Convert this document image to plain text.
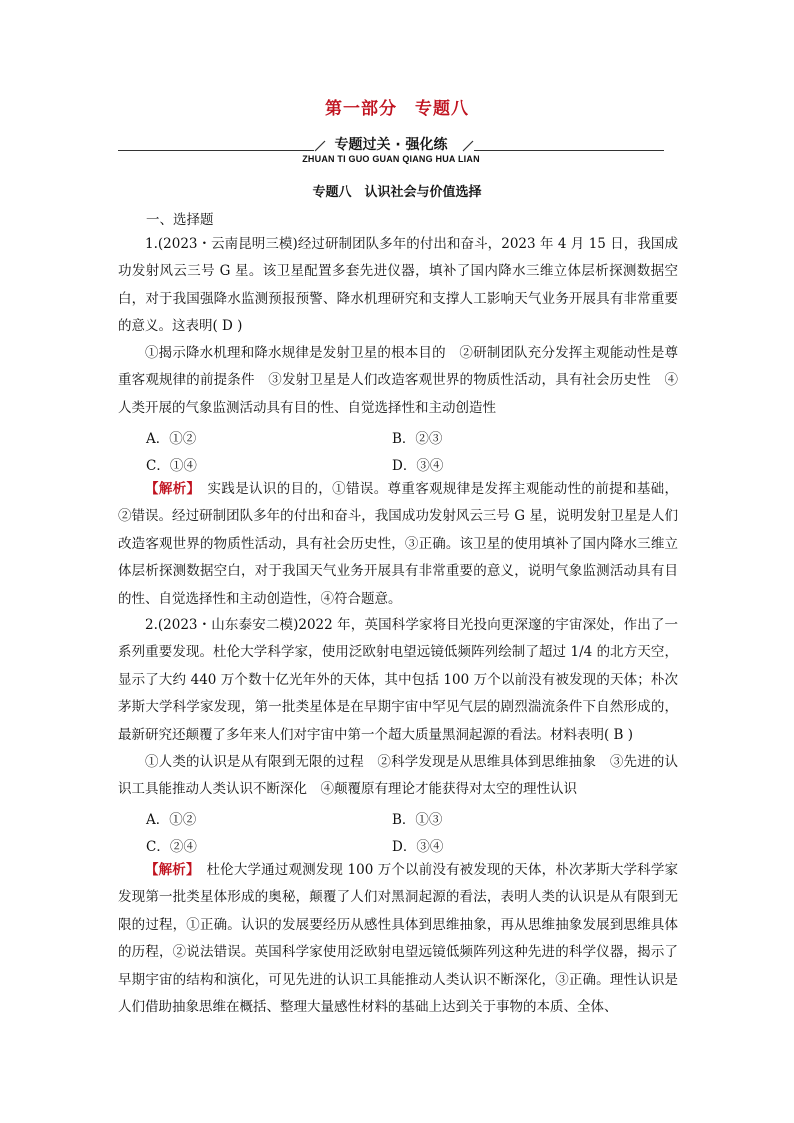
第一部分　专题八
专题过关 · 强化练
ZHUAN TI GUO GUAN QIANG HUA LIAN
专题八　认识社会与价值选择
一、选择题
1.(2023・云南昆明三模)经过研制团队多年的付出和奋斗，2023 年 4 月 15 日，我国成功发射风云三号 G 星。该卫星配置多套先进仪器，填补了国内降水三维立体层析探测数据空白，对于我国强降水监测预报预警、降水机理研究和支撑人工影响天气业务开展具有非常重要的意义。这表明( D )
①揭示降水机理和降水规律是发射卫星的根本目的　②研制团队充分发挥主观能动性是尊重客观规律的前提条件　③发射卫星是人们改造客观世界的物质性活动，具有社会历史性　④人类开展的气象监测活动具有目的性、自觉选择性和主动创造性
A．①②	B．②③
C．①④	D．③④
【解析】　实践是认识的目的，①错误。尊重客观规律是发挥主观能动性的前提和基础，②错误。经过研制团队多年的付出和奋斗，我国成功发射风云三号 G 星，说明发射卫星是人们改造客观世界的物质性活动，具有社会历史性，③正确。该卫星的使用填补了国内降水三维立体层析探测数据空白，对于我国天气业务开展具有非常重要的意义，说明气象监测活动具有目的性、自觉选择性和主动创造性，④符合题意。
2.(2023・山东泰安二模)2022 年，英国科学家将目光投向更深邃的宇宙深处，作出了一系列重要发现。杜伦大学科学家，使用泛欧射电望远镜低频阵列绘制了超过 1/4 的北方天空，显示了大约 440 万个数十亿光年外的天体，其中包括 100 万个以前没有被发现的天体；朴次茅斯大学科学家发现，第一批类星体是在早期宇宙中罕见气层的剧烈湍流条件下自然形成的，最新研究还颠覆了多年来人们对宇宙中第一个超大质量黑洞起源的看法。材料表明( B )
①人类的认识是从有限到无限的过程　②科学发现是从思维具体到思维抽象　③先进的认识工具能推动人类认识不断深化　④颠覆原有理论才能获得对太空的理性认识
A．①②	B．①③
C．②④	D．③④
【解析】　杜伦大学通过观测发现 100 万个以前没有被发现的天体，朴次茅斯大学科学家发现第一批类星体形成的奥秘，颠覆了人们对黑洞起源的看法，表明人类的认识是从有限到无限的过程，①正确。认识的发展要经历从感性具体到思维抽象，再从思维抽象发展到思维具体的历程，②说法错误。英国科学家使用泛欧射电望远镜低频阵列这种先进的科学仪器，揭示了早期宇宙的结构和演化，可见先进的认识工具能推动人类认识不断深化，③正确。理性认识是人们借助抽象思维在概括、整理大量感性材料的基础上达到关于事物的本质、全体、
